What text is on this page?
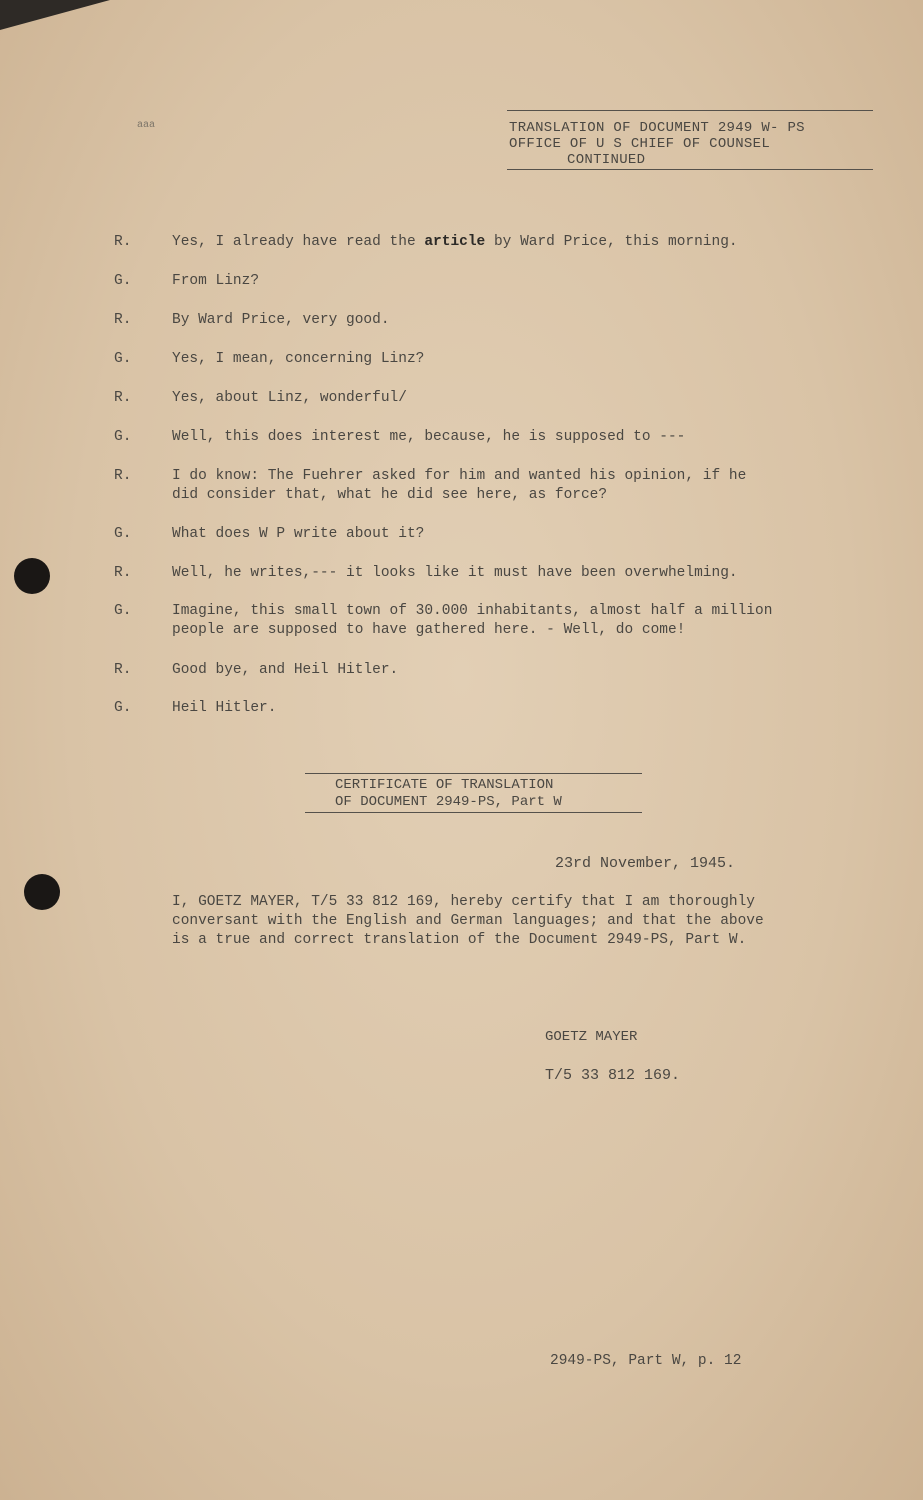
ааа	TRANSLATION OF DOCUMENT 2949 W- PS
OFFICE OF U S CHIEF OF COUNSEL
CONTINUED
R.	Yes, I already have read the article by Ward Price, this morning.
G.	From Linz?
R.	By Ward Price, very good.
G.	Yes, I mean, concerning Linz?
R.	Yes, about Linz, wonderful/
G.	Well, this does interest me, because, he is supposed to ---
R.	I do know: The Fuehrer asked for him and wanted his opinion, if he
did consider that, what he did see here, as force?
G.	What does W P write about it?
R.	Well, he writes,--- it looks like it must have been overwhelming.
G.	Imagine, this small town of 30.000 inhabitants, almost half a million
people are supposed to have gathered here. - Well, do come!
R.	Good bye, and Heil Hitler.
G.	Heil Hitler.
CERTIFICATE OF TRANSLATION
OF DOCUMENT 2949-PS, Part W
23rd November, 1945.
I, GOETZ MAYER, T/5 33 812 169, hereby certify that I am thoroughly
conversant with the English and German languages; and that the above
is a true and correct translation of the Document 2949-PS, Part W.
GOETZ MAYER
T/5 33 812 169.
2949-PS, Part W, p. 12
